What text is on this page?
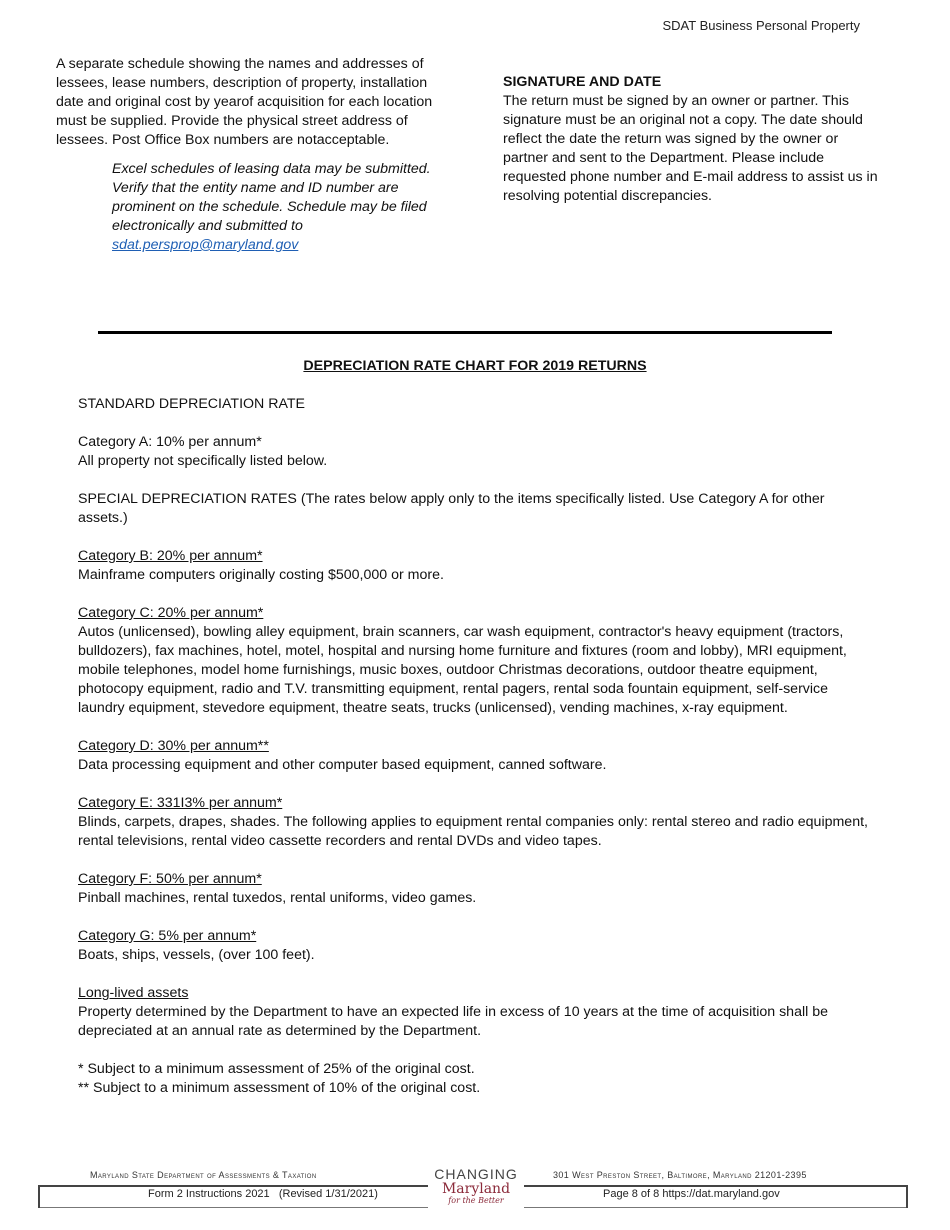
SDAT Business Personal Property

A separate schedule showing the names and addresses of lessees, lease numbers, description of property, installation date and original cost by yearof acquisition for each location must be supplied. Provide the physical street address of lessees. Post Office Box numbers are notacceptable.

Excel schedules of leasing data may be submitted. Verify that the entity name and ID number are prominent on the schedule. Schedule may be filed electronically and submitted to
sdat.persprop@maryland.gov

SIGNATURE AND DATE
The return must be signed by an owner or partner. This signature must be an original not a copy. The date should reflect the date the return was signed by the owner or partner and sent to the Department. Please include requested phone number and E-mail address to assist us in resolving potential discrepancies.
DEPRECIATION RATE CHART FOR 2019 RETURNS
STANDARD DEPRECIATION RATE
Category A: 10% per annum*
All property not specifically listed below.
SPECIAL DEPRECIATION RATES (The rates below apply only to the items specifically listed. Use Category A for other assets.)
Category B: 20% per annum*
Mainframe computers originally costing $500,000 or more.
Category C: 20% per annum*
Autos (unlicensed), bowling alley equipment, brain scanners, car wash equipment, contractor's heavy equipment (tractors, bulldozers), fax machines, hotel, motel, hospital and nursing home furniture and fixtures (room and lobby), MRI equipment, mobile telephones, model home furnishings, music boxes, outdoor Christmas decorations, outdoor theatre equipment, photocopy equipment, radio and T.V. transmitting equipment, rental pagers, rental soda fountain equipment, self-service laundry equipment, stevedore equipment, theatre seats, trucks (unlicensed), vending machines, x-ray equipment.
Category D: 30% per annum**
Data processing equipment and other computer based equipment, canned software.
Category E: 331I3% per annum*
Blinds, carpets, drapes, shades. The following applies to equipment rental companies only: rental stereo and radio equipment, rental televisions, rental video cassette recorders and rental DVDs and video tapes.
Category F: 50% per annum*
Pinball machines, rental tuxedos, rental uniforms, video games.
Category G: 5% per annum*
Boats, ships, vessels, (over 100 feet).
Long-lived assets
Property determined by the Department to have an expected life in excess of 10 years at the time of acquisition shall be depreciated at an annual rate as determined by the Department.
* Subject to a minimum assessment of 25% of the original cost.
** Subject to a minimum assessment of 10% of the original cost.
Maryland State Department of Assessments & Taxation	301 West Preston Street, Baltimore, Maryland 21201-2395
Form 2 Instructions 2021   (Revised 1/31/2021)	Page 8 of 8 https://dat.maryland.gov
CHANGING
Maryland
for the Better
